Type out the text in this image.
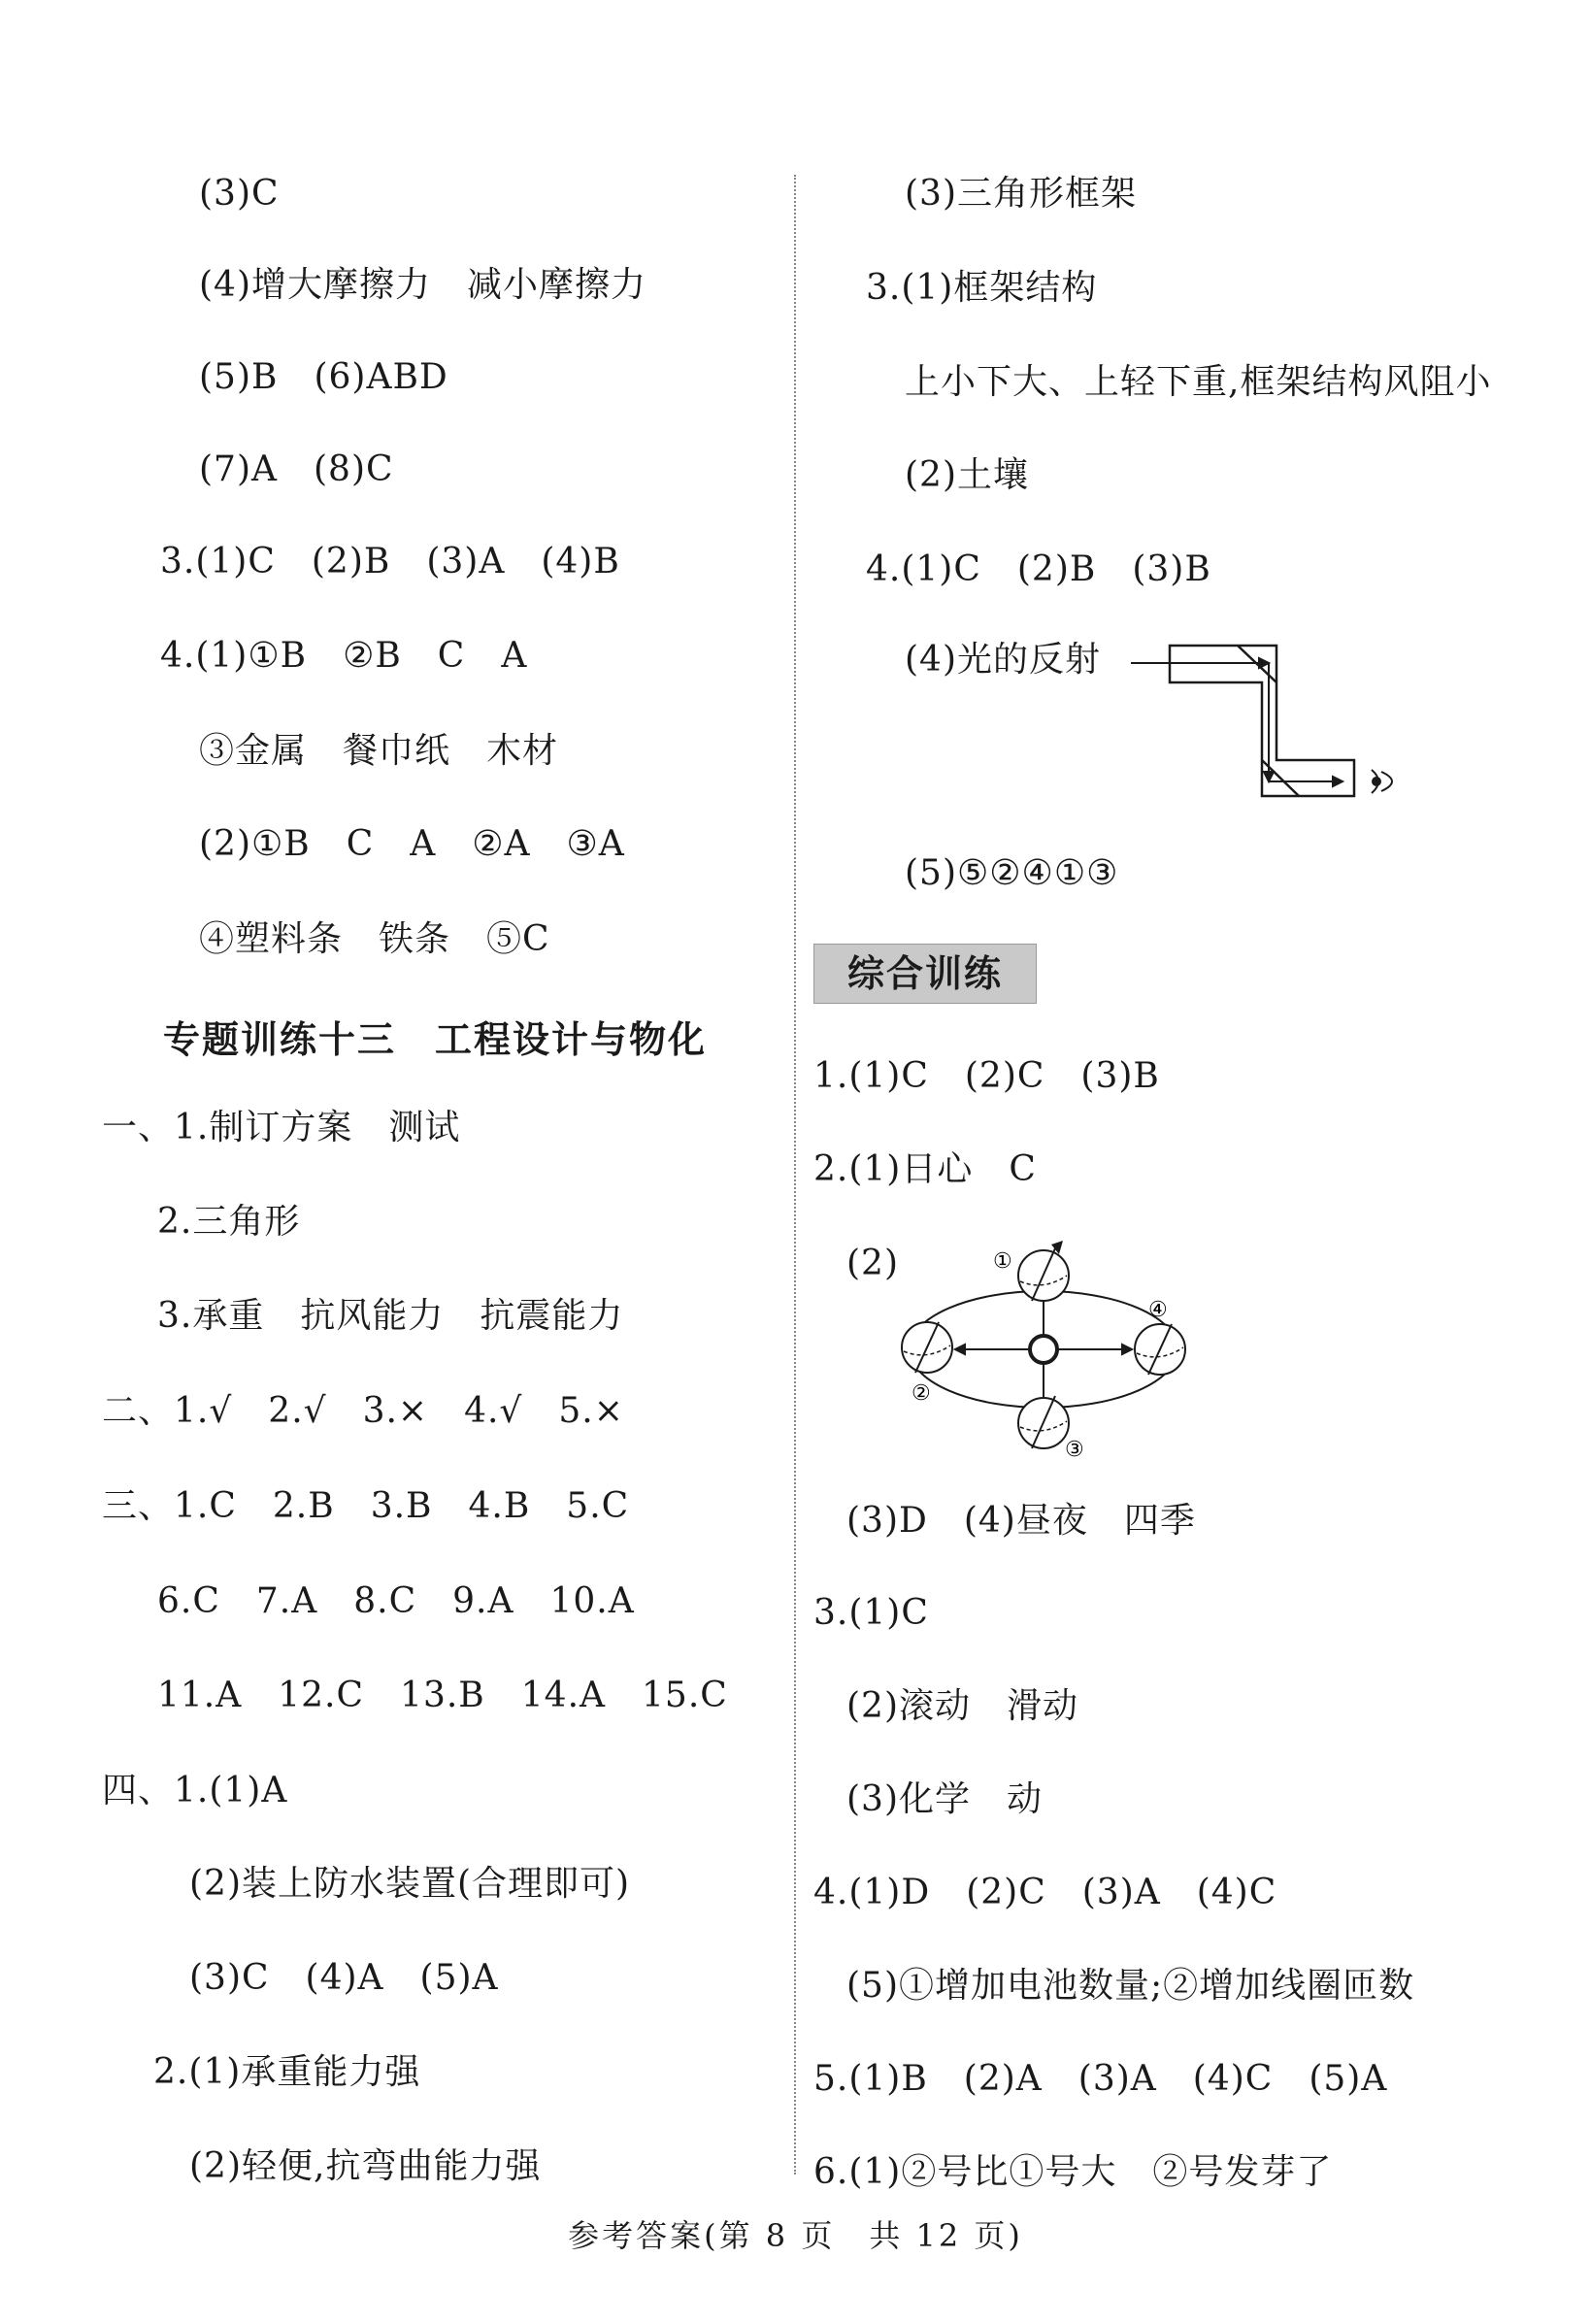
(3)C
(4)增大摩擦力　减小摩擦力
(5)B　(6)ABD
(7)A　(8)C
3.(1)C　(2)B　(3)A　(4)B
4.(1)①B　②B　C　A
③金属　餐巾纸　木材
(2)①B　C　A　②A　③A
④塑料条　铁条　⑤C
专题训练十三　工程设计与物化
一、1.制订方案　测试
2.三角形
3.承重　抗风能力　抗震能力
二、1.√　2.√　3.×　4.√　5.×
三、1.C　2.B　3.B　4.B　5.C
6.C　7.A　8.C　9.A　10.A
11.A　12.C　13.B　14.A　15.C
四、1.(1)A
(2)装上防水装置(合理即可)
(3)C　(4)A　(5)A
2.(1)承重能力强
(2)轻便,抗弯曲能力强
(3)三角形框架
3.(1)框架结构
上小下大、上轻下重,框架结构风阻小
(2)土壤
4.(1)C　(2)B　(3)B
(4)光的反射
(5)⑤②④①③
综合训练
1.(1)C　(2)C　(3)B
2.(1)日心　C
(2)	①
②
③
④
(3)D　(4)昼夜　四季
3.(1)C
(2)滚动　滑动
(3)化学　动
4.(1)D　(2)C　(3)A　(4)C
(5)①增加电池数量;②增加线圈匝数
5.(1)B　(2)A　(3)A　(4)C　(5)A
6.(1)②号比①号大　②号发芽了
参考答案(第 8 页　共 12 页)
